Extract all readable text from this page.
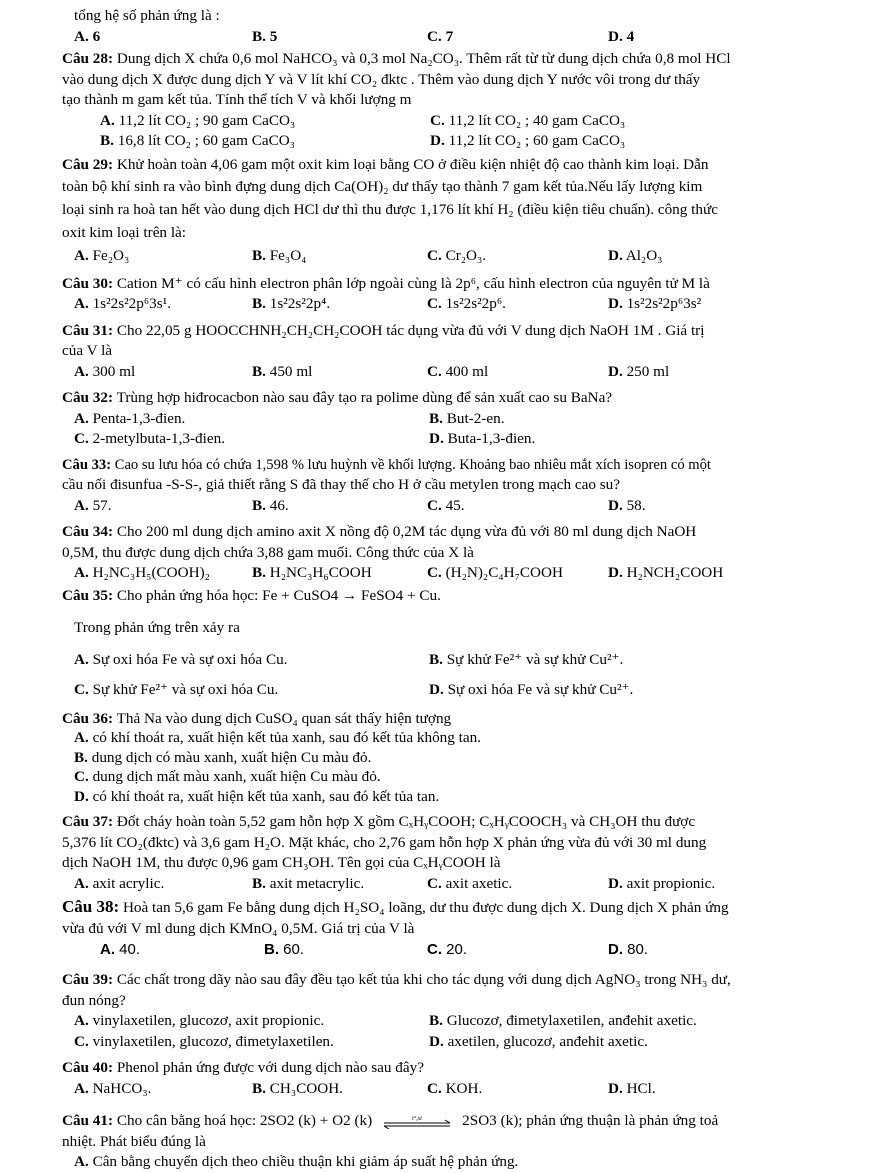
tổng hệ số phản ứng là :
A. 6	B. 5	C. 7	D. 4
Câu 28: Dung dịch X chứa 0,6 mol NaHCO₃ và 0,3 mol Na₂CO₃. Thêm rất từ từ dung dịch chứa 0,8 mol HCl
vào dung dịch X được dung dịch Y và V lít khí CO₂ đktc . Thêm vào dung dịch Y nước vôi trong dư thấy
tạo thành m gam kết tủa. Tính thể tích V và khối lượng m
A. 11,2 lít CO₂ ; 90 gam CaCO₃	C. 11,2 lít CO₂ ; 40 gam CaCO₃
B. 16,8 lít CO₂ ; 60 gam CaCO₃	D. 11,2 lít CO₂ ; 60 gam CaCO₃
Câu 29: Khử hoàn toàn 4,06 gam một oxit kim loại bằng CO ở điều kiện nhiệt độ cao thành kim loại. Dẫn
toàn bộ khí sinh ra vào bình đựng dung dịch Ca(OH)₂ dư thấy tạo thành 7 gam kết tủa.Nếu lấy lượng kim
loại sinh ra hoà tan hết vào dung dịch HCl dư thì thu được 1,176 lít khí H₂ (điều kiện tiêu chuẩn). công thức
oxit kim loại trên là:
A. Fe₂O₃	B. Fe₃O₄	C. Cr₂O₃.	D. Al₂O₃
Câu 30: Cation M⁺ có cấu hình electron phân lớp ngoài cùng là 2p⁶, cấu hình electron của nguyên tử M là
A. 1s²2s²2p⁶3s¹.	B. 1s²2s²2p⁴.	C. 1s²2s²2p⁶.	D. 1s²2s²2p⁶3s²
Câu 31: Cho 22,05 g HOOCCHNH₂CH₂CH₂COOH tác dụng vừa đủ với V dung dịch NaOH 1M . Giá trị
của V là
A. 300 ml	B. 450 ml	C. 400 ml	D. 250 ml
Câu 32: Trùng hợp hiđrocacbon nào sau đây tạo ra polime dùng để sản xuất cao su BaNa?
A. Penta-1,3-đien.	B. But-2-en.
C. 2-metylbuta-1,3-đien.	D. Buta-1,3-đien.
Câu 33: Cao su lưu hóa có chứa 1,598 % lưu huỳnh về khối lượng. Khoảng bao nhiêu mắt xích isopren có một
cầu nối đisunfua -S-S-, giả thiết rằng S đã thay thế cho H ở cầu metylen trong mạch cao su?
A. 57.	B. 46.	C. 45.	D. 58.
Câu 34: Cho 200 ml dung dịch amino axit X nồng độ 0,2M tác dụng vừa đủ với 80 ml dung dịch NaOH
0,5M, thu được dung dịch chứa 3,88 gam muối. Công thức của X là
A. H₂NC₃H₅(COOH)₂	B. H₂NC₃H₆COOH	C. (H₂N)₂C₄H₇COOH	D. H₂NCH₂COOH
Câu 35: Cho phản ứng hóa học: Fe + CuSO4 → FeSO4 + Cu.
Trong phản ứng trên xảy ra
A. Sự oxi hóa Fe và sự oxi hóa Cu.	B. Sự khử Fe²⁺ và sự khử Cu²⁺.
C. Sự khử Fe²⁺ và sự oxi hóa Cu.	D. Sự oxi hóa Fe và sự khử Cu²⁺.
Câu 36: Thả Na vào dung dịch CuSO₄ quan sát thấy hiện tượng
A. có khí thoát ra, xuất hiện kết tủa xanh, sau đó kết tủa không tan.
B. dung dịch có màu xanh, xuất hiện Cu màu đỏ.
C. dung dịch mất màu xanh, xuất hiện Cu màu đỏ.
D. có khí thoát ra, xuất hiện kết tủa xanh, sau đó kết tủa tan.
Câu 37: Đốt cháy hoàn toàn 5,52 gam hỗn hợp X gồm CₓHᵧCOOH; CₓHᵧCOOCH₃ và CH₃OH thu được
5,376 lít CO₂(đktc) và 3,6 gam H₂O. Mặt khác, cho 2,76 gam hỗn hợp X phản ứng vừa đủ với 30 ml dung
dịch NaOH 1M, thu được 0,96 gam CH₃OH. Tên gọi của CₓHᵧCOOH là
A. axit acrylic.	B. axit metacrylic.	C. axit axetic.	D. axit propionic.
Câu 38: Hoà tan 5,6 gam Fe bằng dung dịch H₂SO₄ loãng, dư thu được dung dịch X. Dung dịch X phản ứng
vừa đủ với V ml dung dịch KMnO₄ 0,5M. Giá trị của V là
A. 40.	B. 60.	C. 20.	D. 80.
Câu 39: Các chất trong dãy nào sau đây đều tạo kết tủa khi cho tác dụng với dung dịch AgNO₃ trong NH₃ dư,
đun nóng?
A. vinylaxetilen, glucozơ, axit propionic.	B. Glucozơ, đimetylaxetilen, anđehit axetic.
C. vinylaxetilen, glucozơ, đimetylaxetilen.	D. axetilen, glucozơ, anđehit axetic.
Câu 40: Phenol phản ứng được với dung dịch nào sau đây?
A. NaHCO₃.	B. CH₃COOH.	C. KOH.	D. HCl.
Câu 41: Cho cân bằng hoá học: 2SO2 (k) + O2 (k)	t°,xt	2SO3 (k); phản ứng thuận là phản ứng toả
nhiệt. Phát biểu đúng là
A. Cân bằng chuyển dịch theo chiều thuận khi giảm áp suất hệ phản ứng.
